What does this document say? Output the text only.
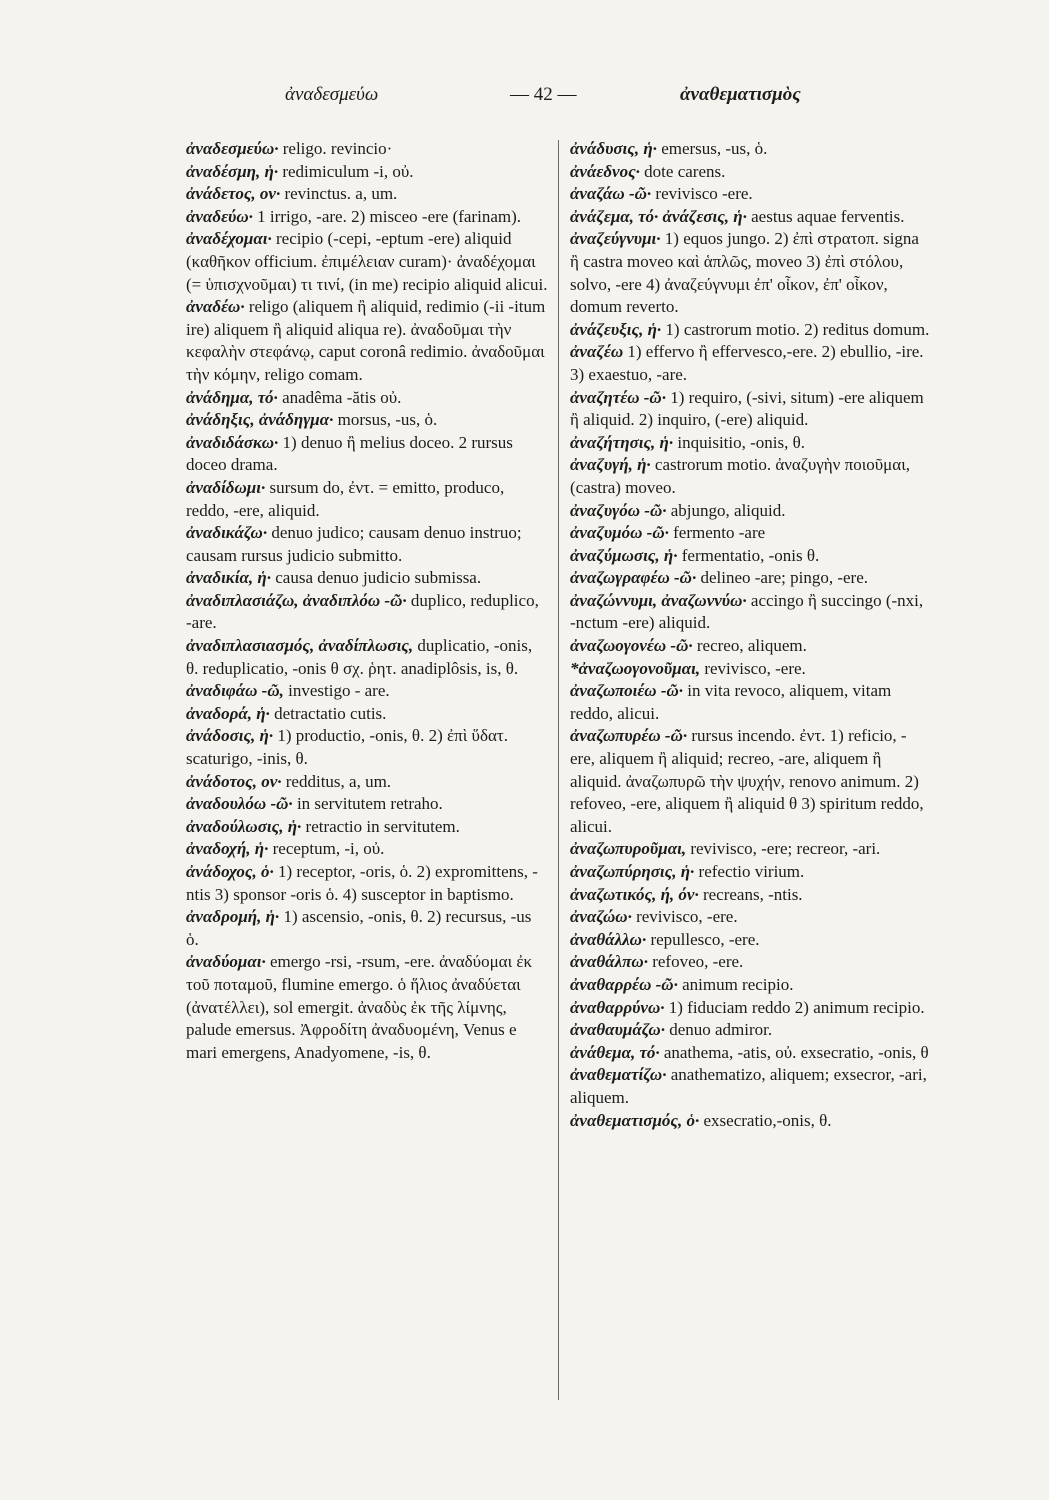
ἀναδεσμεύω	— 42 —	ἀναθεματισμὸς

ἀναδεσμεύω· religo. revincio·

ἀναδέσμη, ἡ· redimiculum -i, οὐ.

ἀνάδετος, ον· revinctus. a, um.

ἀναδεύω· 1 irrigo, -are. 2) misceo -ere (farinam).

ἀναδέχομαι· recipio (-cepi, -eptum -ere) aliquid (καθῆκον officium. ἐπιμέλειαν curam)· ἀναδέχομαι (= ὑπισχνοῦμαι) τι τινί, (in me) recipio aliquid alicui.

ἀναδέω· religo (aliquem ἢ aliquid, redimio (-ii -itum ire) aliquem ἢ aliquid aliqua re). ἀναδοῦμαι τὴν κεφαλὴν στεφάνῳ, caput coronâ redimio. ἀναδοῦμαι τὴν κόμην, religo comam.

ἀνάδημα, τό· anadêma -ătis οὐ.

ἀνάδηξις, ἀνάδηγμα· morsus, -us, ὁ.

ἀναδιδάσκω· 1) denuo ἢ melius doceo. 2 rursus doceo drama.

ἀναδίδωμι· sursum do, ἐντ. = emitto, produco, reddo, -ere, aliquid.

ἀναδικάζω· denuo judico; causam denuo instruo; causam rursus judicio submitto.

ἀναδικία, ἡ· causa denuo judicio submissa.

ἀναδιπλασιάζω, ἀναδιπλόω -ῶ· duplico, reduplico, -are.

ἀναδιπλασιασμός, ἀναδίπλωσις, duplicatio, -onis, θ. reduplicatio, -onis θ σχ. ῥητ. anadiplôsis, is, θ.

ἀναδιφάω -ῶ, investigo - are.

ἀναδορά, ἡ· detractatio cutis.

ἀνάδοσις, ἡ· 1) productio, -onis, θ. 2) ἐπὶ ὕδατ. scaturigo, -inis, θ.

ἀνάδοτος, ον· redditus, a, um.

ἀναδουλόω -ῶ· in servitutem retraho.

ἀναδούλωσις, ἡ· retractio in servitutem.

ἀναδοχή, ἡ· receptum, -i, οὐ.

ἀνάδοχος, ὁ· 1) receptor, -oris, ὁ. 2) expromittens, -ntis 3) sponsor -oris ὁ. 4) susceptor in baptismo.

ἀναδρομή, ἡ· 1) ascensio, -onis, θ. 2) recursus, -us ὁ.

ἀναδύομαι· emergo -rsi, -rsum, -ere. ἀναδύομαι ἐκ τοῦ ποταμοῦ, flumine emergo. ὁ ἥλιος ἀναδύεται (ἀνατέλλει), sol emergit. ἀναδὺς ἐκ τῆς λίμνης, palude emersus. Ἀφροδίτη ἀναδυομένη, Venus e mari emergens, Anadyomene, -is, θ.

ἀνάδυσις, ἡ· emersus, -us, ὁ.

ἀνάεδνος· dote carens.

ἀναζάω -ῶ· revivisco -ere.

ἀνάζεμα, τό· ἀνάζεσις, ἡ· aestus aquae ferventis.

ἀναζεύγνυμι· 1) equos jungo. 2) ἐπὶ στρατοπ. signa ἢ castra moveo καὶ ἁπλῶς, moveo 3) ἐπὶ στόλου, solvo, -ere 4) ἀναζεύγνυμι ἐπ' οἶκον, ἐπ' οἶκον, domum reverto.

ἀνάζευξις, ἡ· 1) castrorum motio. 2) reditus domum.

ἀναζέω 1) effervo ἢ effervesco,-ere. 2) ebullio, -ire. 3) exaestuo, -are.

ἀναζητέω -ῶ· 1) requiro, (-sivi, situm) -ere aliquem ἢ aliquid. 2) inquiro, (-ere) aliquid.

ἀναζήτησις, ἡ· inquisitio, -onis, θ.

ἀναζυγή, ἡ· castrorum motio. ἀναζυγὴν ποιοῦμαι, (castra) moveo.

ἀναζυγόω -ῶ· abjungo, aliquid.

ἀναζυμόω -ῶ· fermento -are

ἀναζύμωσις, ἡ· fermentatio, -onis θ.

ἀναζωγραφέω -ῶ· delineo -are; pingo, -ere.

ἀναζώννυμι, ἀναζωννύω· accingo ἢ succingo (-nxi, -nctum -ere) aliquid.

ἀναζωογονέω -ῶ· recreo, aliquem.

*ἀναζωογονοῦμαι, revivisco, -ere.

ἀναζωποιέω -ῶ· in vita revoco, aliquem, vitam reddo, alicui.

ἀναζωπυρέω -ῶ· rursus incendo. ἐντ. 1) reficio, -ere, aliquem ἢ aliquid; recreo, -are, aliquem ἢ aliquid. ἀναζωπυρῶ τὴν ψυχήν, renovo animum. 2) refoveo, -ere, aliquem ἢ aliquid θ 3) spiritum reddo, alicui.

ἀναζωπυροῦμαι, revivisco, -ere; recreor, -ari.

ἀναζωπύρησις, ἡ· refectio virium.

ἀναζωτικός, ή, όν· recreans, -ntis.

ἀναζώω· revivisco, -ere.

ἀναθάλλω· repullesco, -ere.

ἀναθάλπω· refoveo, -ere.

ἀναθαρρέω -ῶ· animum recipio.

ἀναθαρρύνω· 1) fiduciam reddo 2) animum recipio.

ἀναθαυμάζω· denuo admiror.

ἀνάθεμα, τό· anathema, -atis, οὐ. exsecratio, -onis, θ

ἀναθεματίζω· anathematizo, aliquem; exsecror, -ari, aliquem.

ἀναθεματισμός, ὁ· exsecratio,-onis, θ.
